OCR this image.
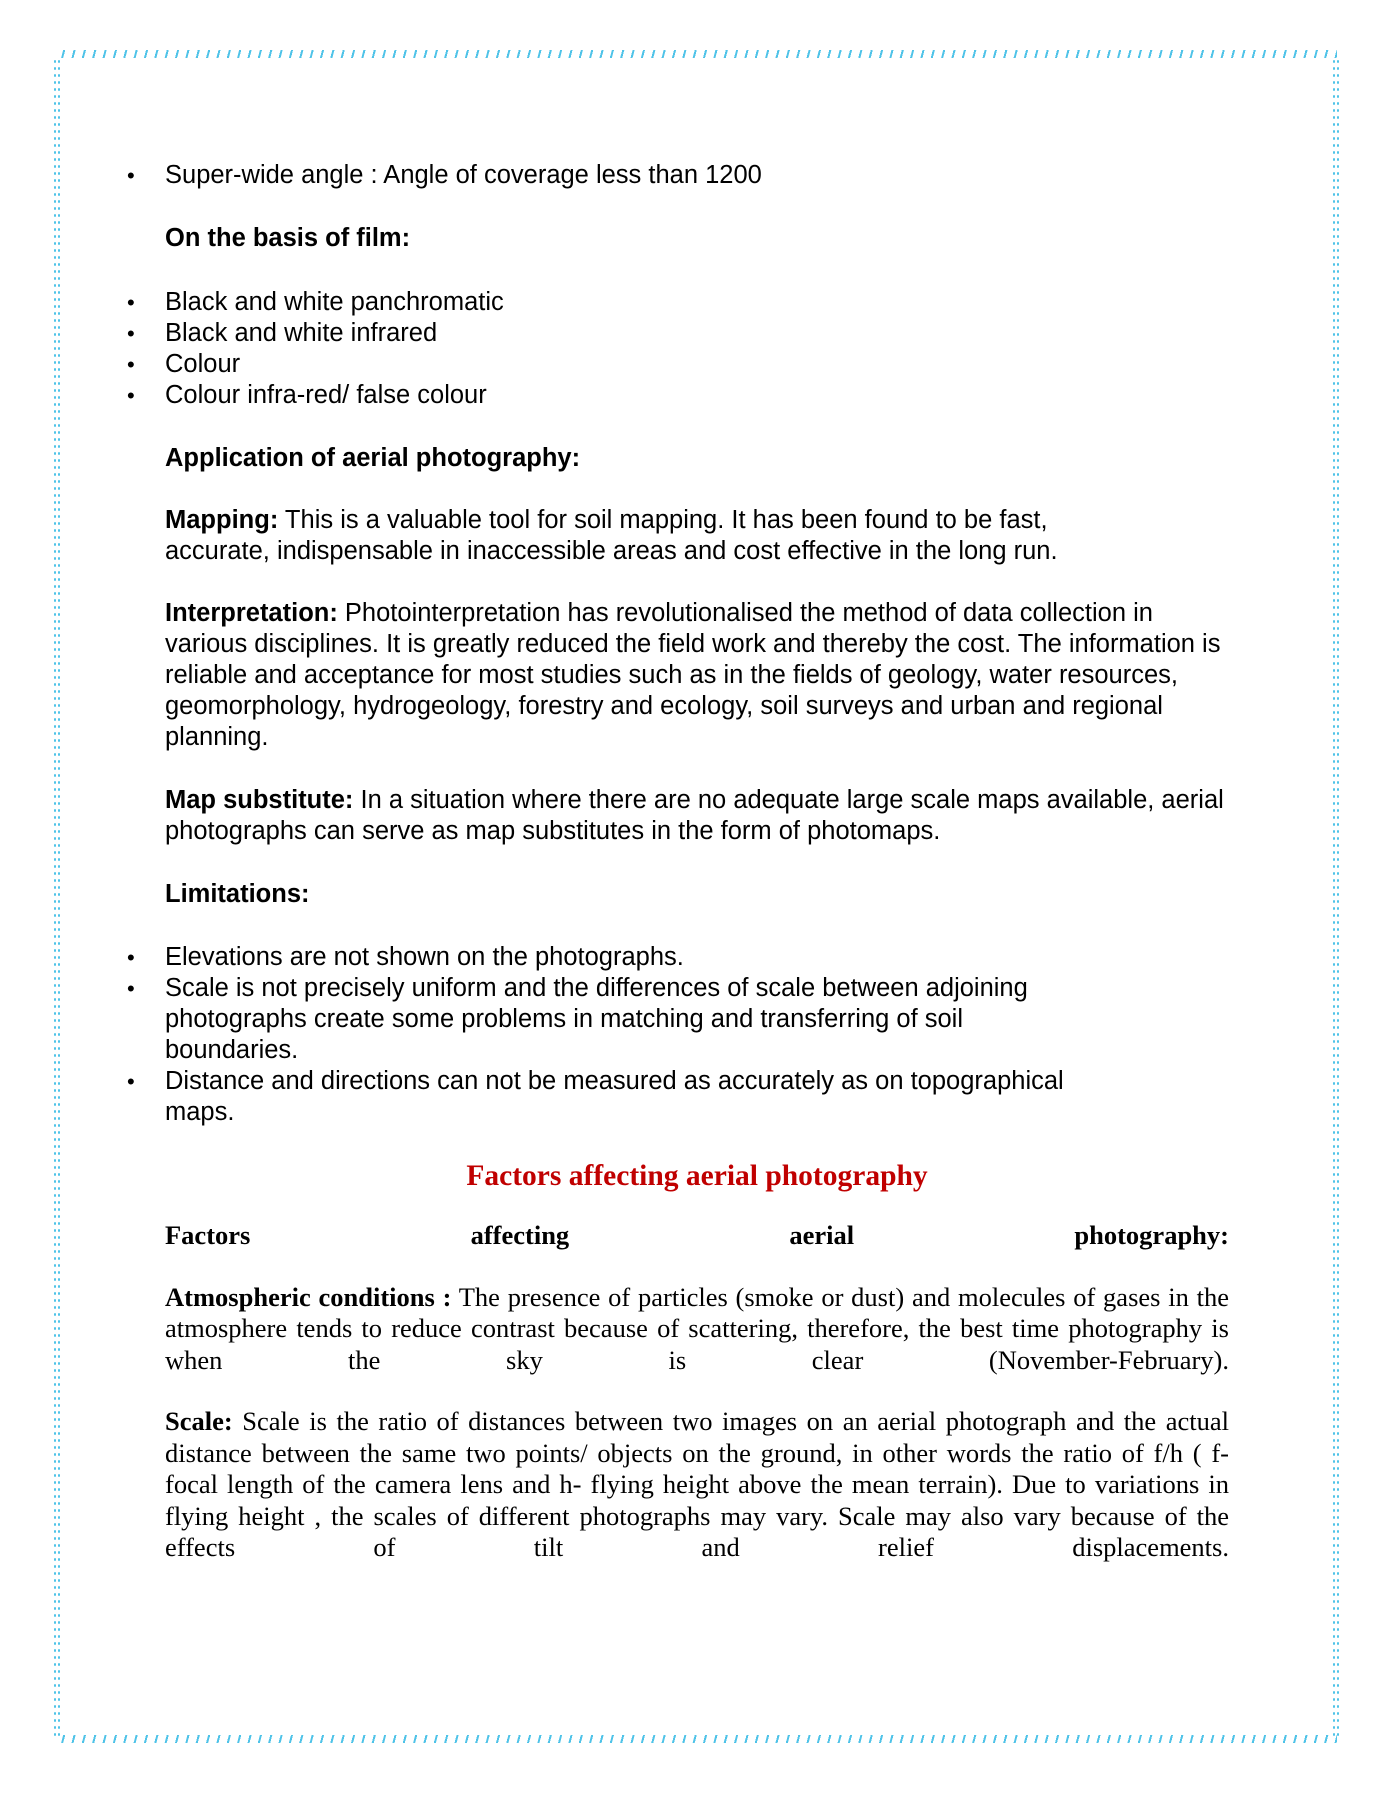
• Super-wide angle : Angle of coverage less than 1200

On the basis of film:

• Black and white panchromatic
• Black and white infrared
• Colour
• Colour infra-red/ false colour

Application of aerial photography:

Mapping: This is a valuable tool for soil mapping. It has been found to be fast, accurate, indispensable in inaccessible areas and cost effective in the long run.

Interpretation: Photointerpretation has revolutionalised the method of data collection in various disciplines. It is greatly reduced the field work and thereby the cost. The information is reliable and acceptance for most studies such as in the fields of geology, water resources, geomorphology, hydrogeology, forestry and ecology, soil surveys and urban and regional planning.

Map substitute: In a situation where there are no adequate large scale maps available, aerial photographs can serve as map substitutes in the form of photomaps.

Limitations:

• Elevations are not shown on the photographs.
• Scale is not precisely uniform and the differences of scale between adjoining photographs create some problems in matching and transferring of soil boundaries.
• Distance and directions can not be measured as accurately as on topographical maps.

Factors affecting aerial photography

Factors affecting aerial photography:

Atmospheric conditions : The presence of particles (smoke or dust) and molecules of gases in the atmosphere tends to reduce contrast because of scattering, therefore, the best time photography is when the sky is clear (November-February).

Scale: Scale is the ratio of distances between two images on an aerial photograph and the actual distance between the same two points/ objects on the ground, in other words the ratio of f/h ( f- focal length of the camera lens and h- flying height above the mean terrain). Due to variations in flying height , the scales of different photographs may vary. Scale may also vary because of the effects of tilt and relief displacements.
